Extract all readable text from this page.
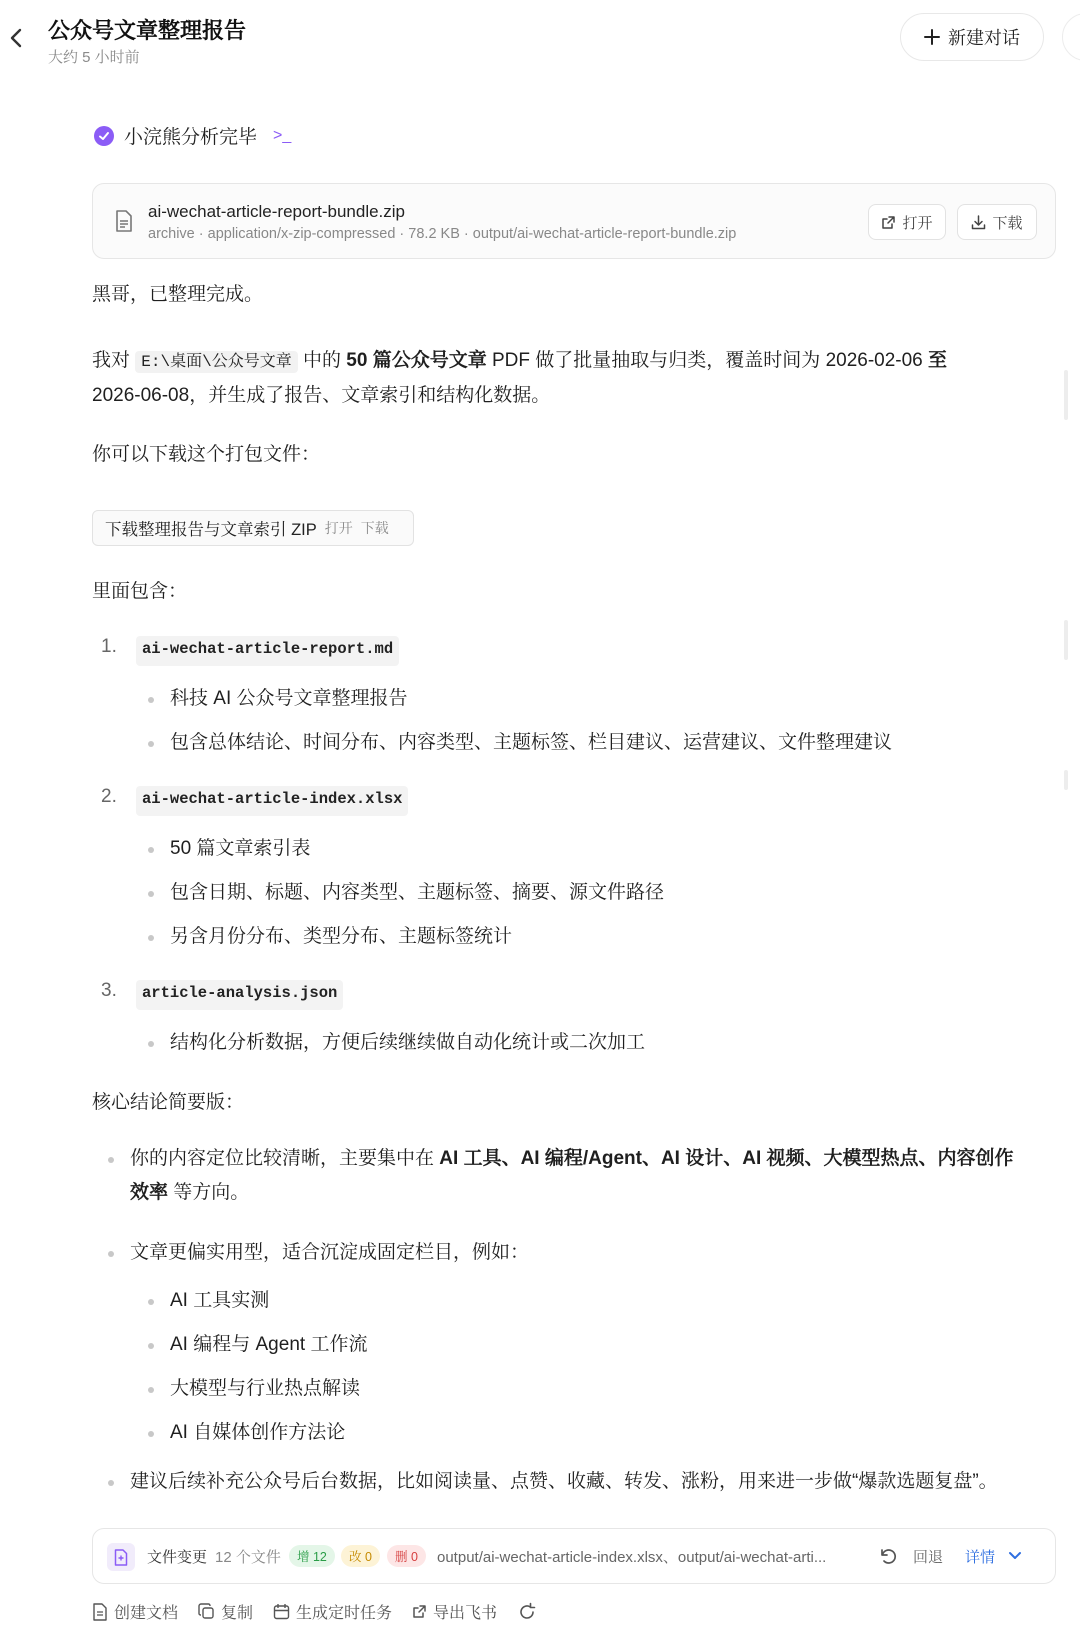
公众号文章整理报告
大约 5 小时前
新建对话
小浣熊分析完毕 >_
ai-wechat-article-report-bundle.zip
archive · application/x-zip-compressed · 78.2 KB · output/ai-wechat-article-report-bundle.zip
打开	下载
黑哥，已整理完成。
我对 E:\桌面\公众号文章 中的 50 篇公众号文章 PDF 做了批量抽取与归类，覆盖时间为 2026-02-06 至
2026-06-08，并生成了报告、文章索引和结构化数据。
你可以下载这个打包文件：
下载整理报告与文章索引 ZIP 打开 下载
里面包含：
1.	ai-wechat-article-report.md
科技 AI 公众号文章整理报告
包含总体结论、时间分布、内容类型、主题标签、栏目建议、运营建议、文件整理建议
2.	ai-wechat-article-index.xlsx
50 篇文章索引表
包含日期、标题、内容类型、主题标签、摘要、源文件路径
另含月份分布、类型分布、主题标签统计
3.	article-analysis.json
结构化分析数据，方便后续继续做自动化统计或二次加工
核心结论简要版：
你的内容定位比较清晰，主要集中在 AI 工具、AI 编程/Agent、AI 设计、AI 视频、大模型热点、内容创作
效率 等方向。
文章更偏实用型，适合沉淀成固定栏目，例如：
AI 工具实测
AI 编程与 Agent 工作流
大模型与行业热点解读
AI 自媒体创作方法论
建议后续补充公众号后台数据，比如阅读量、点赞、收藏、转发、涨粉，用来进一步做“爆款选题复盘”。
文件变更 12 个文件	增 12	改 0	删 0	output/ai-wechat-article-index.xlsx、output/ai-wechat-arti...	回退 详情
创建文档	复制	生成定时任务	导出飞书
